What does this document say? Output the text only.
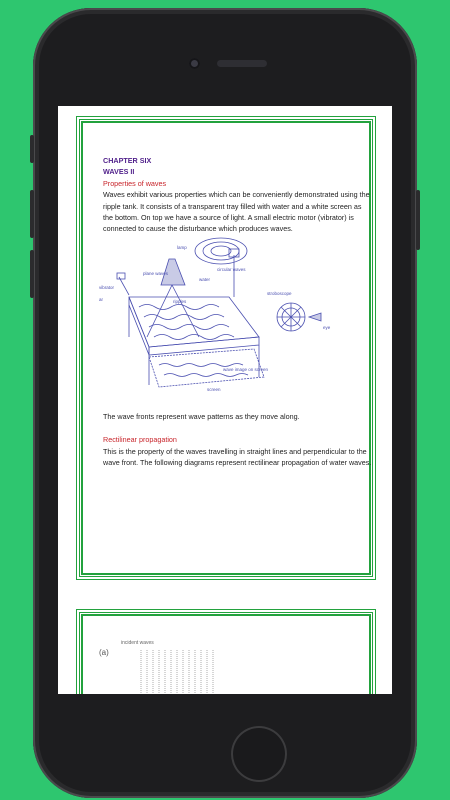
CHAPTER SIX
WAVES II
Properties of waves

Waves exhibit various properties which can be conveniently demonstrated using the ripple tank. It consists of a transparent tray filled with water and a white screen as the bottom. On top we have a source of light. A small electric motor (vibrator) is connected to cause the disturbance which produces waves.

lamp
circular waves
plane waves
water
vibrator
ar	ripples
stroboscope
eye
wave image on screen
screen

The wave fronts represent wave patterns as they move along.

Rectilinear propagation

This is the property of the waves travelling in straight lines and perpendicular to the wave front. The following diagrams represent rectilinear propagation of water waves.

(a)
incident waves
